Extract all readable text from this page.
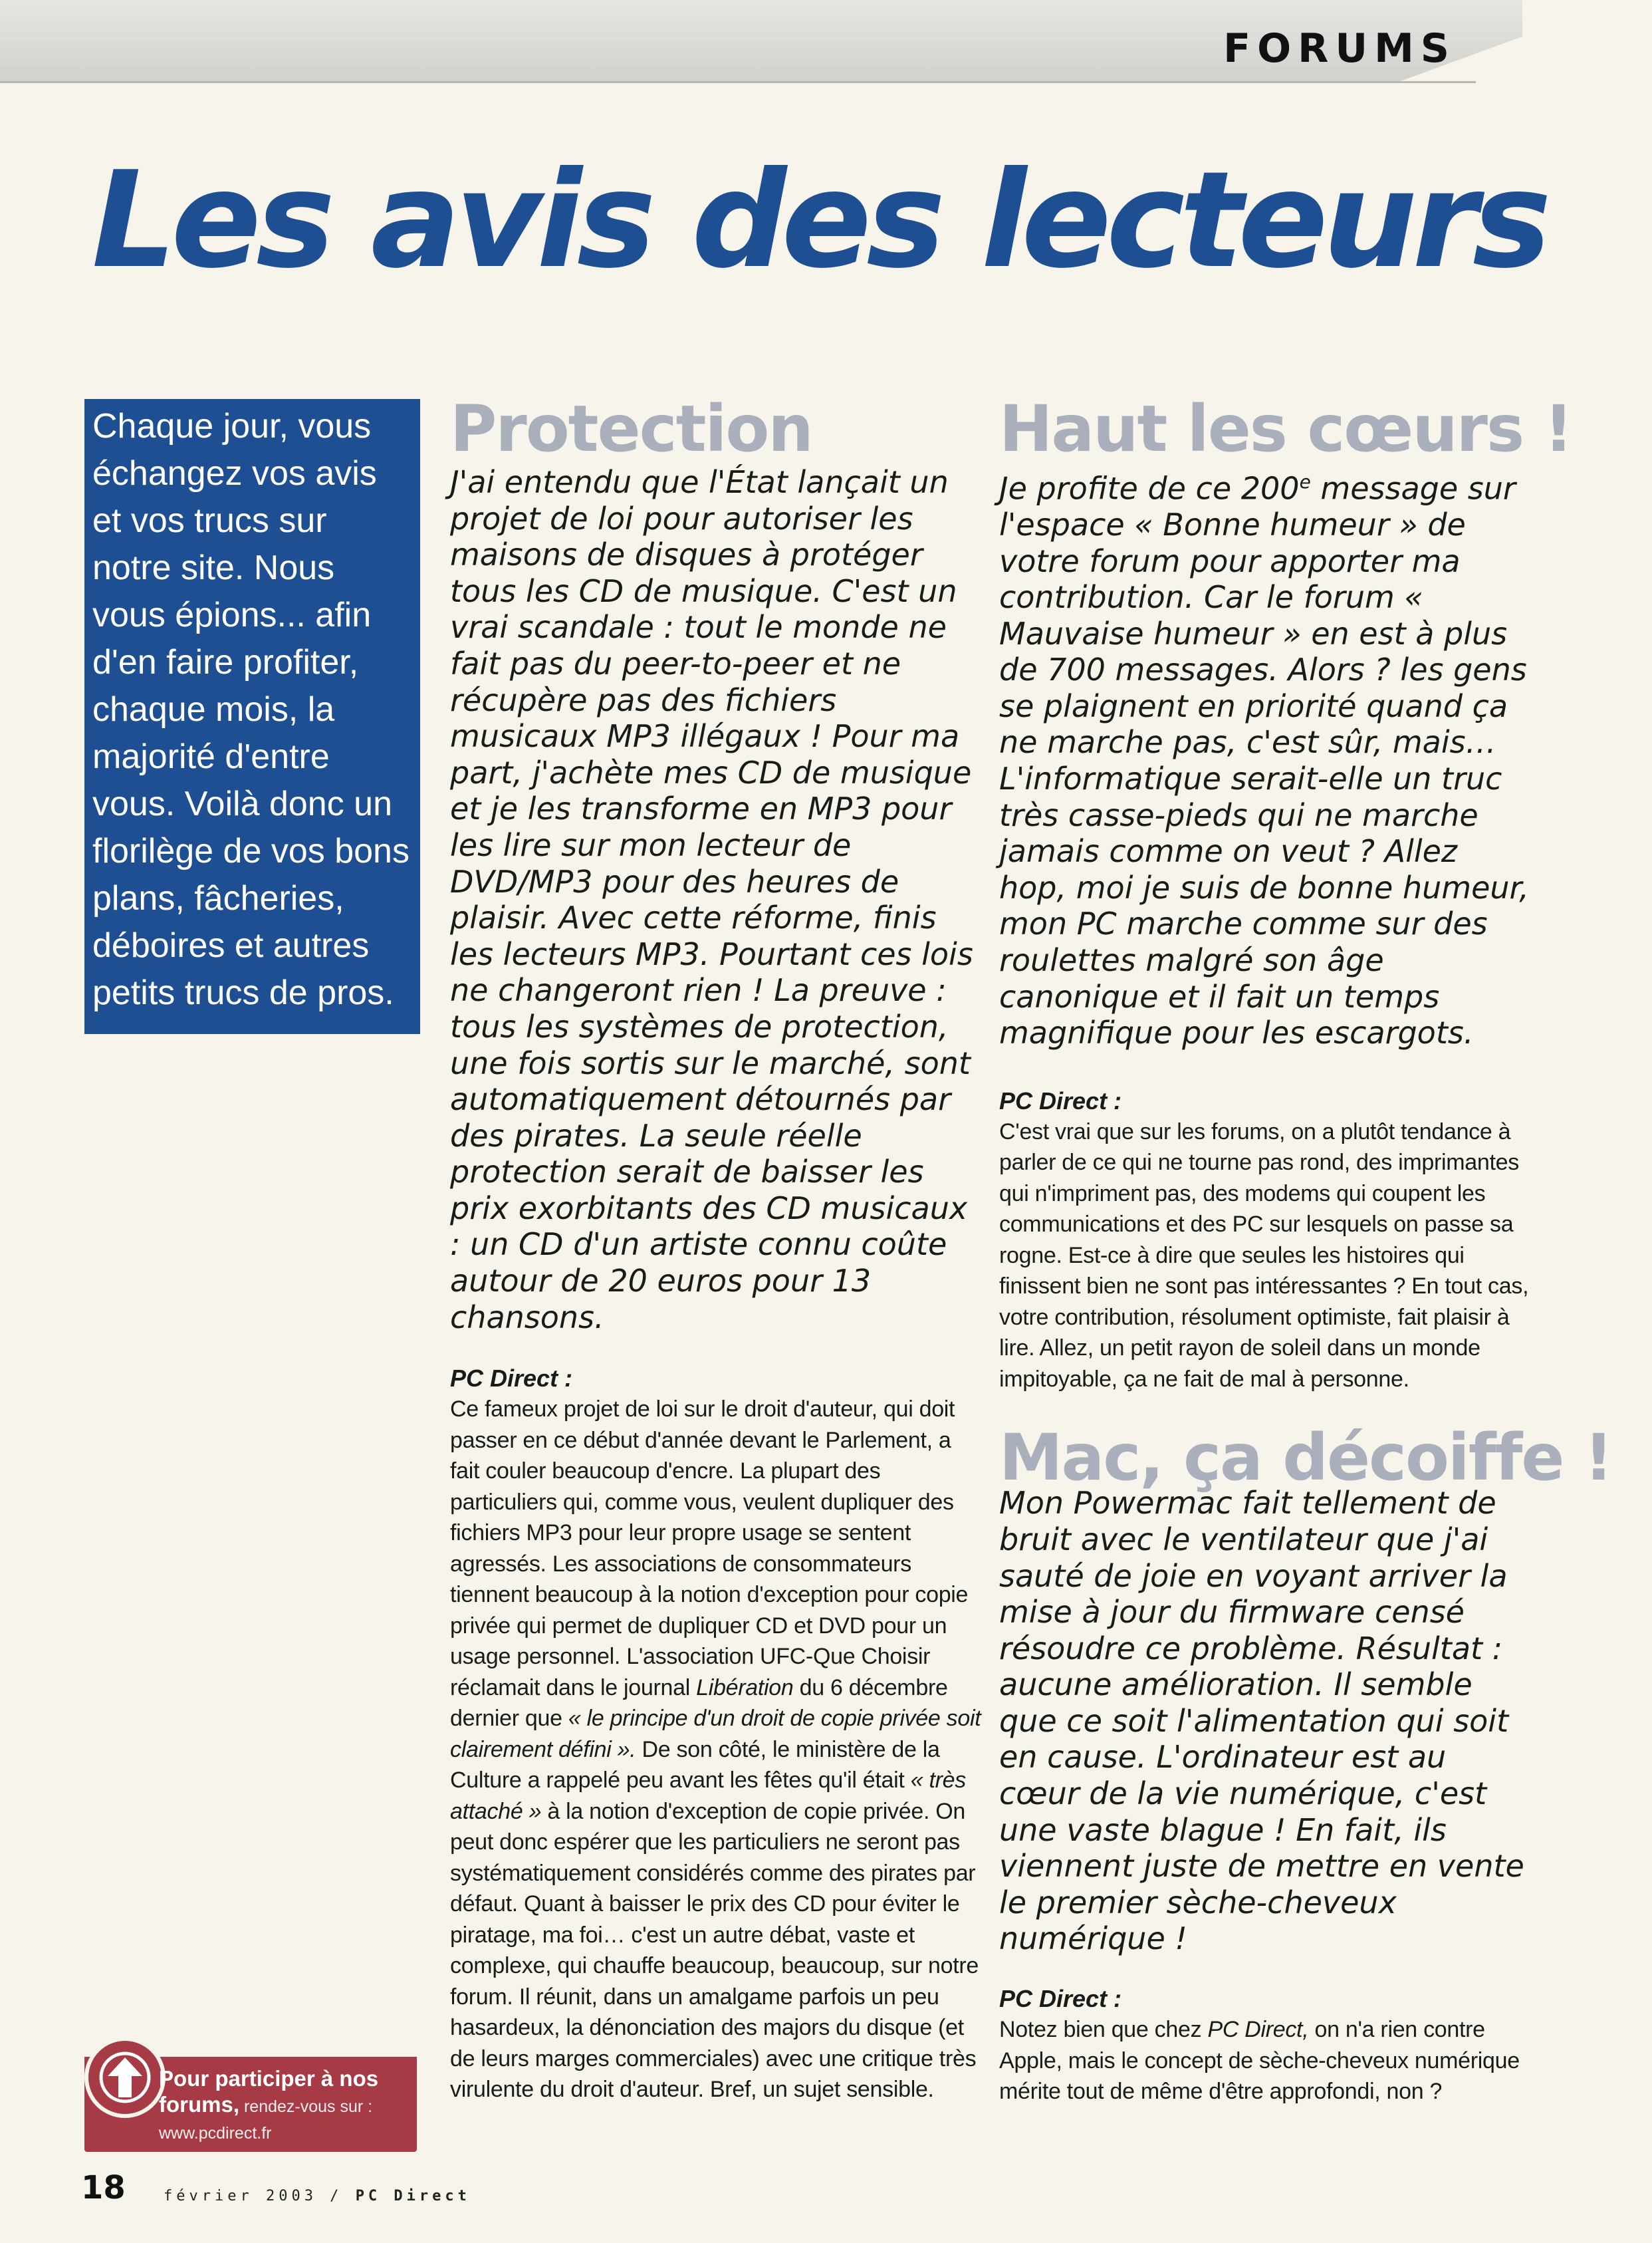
FORUMS
Les avis des lecteurs

Chaque jour, vous échangez vos avis et vos trucs sur notre site. Nous vous épions... afin d'en faire profiter, chaque mois, la majorité d'entre vous. Voilà donc un florilège de vos bons plans, fâcheries, déboires et autres petits trucs de pros.

Protection

J'ai entendu que l'État lançait un projet de loi pour autoriser les maisons de disques à protéger tous les CD de musique. C'est un vrai scandale : tout le monde ne fait pas du peer-to-peer et ne récupère pas des fichiers musicaux MP3 illégaux ! Pour ma part, j'achète mes CD de musique et je les transforme en MP3 pour les lire sur mon lecteur de DVD/MP3 pour des heures de plaisir. Avec cette réforme, finis les lecteurs MP3. Pourtant ces lois ne changeront rien ! La preuve : tous les systèmes de protection, une fois sortis sur le marché, sont automatiquement détournés par des pirates. La seule réelle protection serait de baisser les prix exorbitants des CD musicaux : un CD d'un artiste connu coûte autour de 20 euros pour 13 chansons.

PC Direct :

Ce fameux projet de loi sur le droit d'auteur, qui doit passer en ce début d'année devant le Parlement, a fait couler beaucoup d'encre. La plupart des particuliers qui, comme vous, veulent dupliquer des fichiers MP3 pour leur propre usage se sentent agressés. Les associations de consommateurs tiennent beaucoup à la notion d'exception pour copie privée qui permet de dupliquer CD et DVD pour un usage personnel. L'association UFC-Que Choisir réclamait dans le journal Libération du 6 décembre dernier que « le principe d'un droit de copie privée soit clairement défini ». De son côté, le ministère de la Culture a rappelé peu avant les fêtes qu'il était « très attaché » à la notion d'exception de copie privée. On peut donc espérer que les particuliers ne seront pas systématiquement considérés comme des pirates par défaut. Quant à baisser le prix des CD pour éviter le piratage, ma foi… c'est un autre débat, vaste et complexe, qui chauffe beaucoup, beaucoup, sur notre forum. Il réunit, dans un amalgame parfois un peu hasardeux, la dénonciation des majors du disque (et de leurs marges commerciales) avec une critique très virulente du droit d'auteur. Bref, un sujet sensible.

Haut les cœurs !

Je profite de ce 200e message sur l'espace « Bonne humeur » de votre forum pour apporter ma contribution. Car le forum « Mauvaise humeur » en est à plus de 700 messages. Alors ? les gens se plaignent en priorité quand ça ne marche pas, c'est sûr, mais… L'informatique serait-elle un truc très casse-pieds qui ne marche jamais comme on veut ? Allez hop, moi je suis de bonne humeur, mon PC marche comme sur des roulettes malgré son âge canonique et il fait un temps magnifique pour les escargots.

PC Direct :

C'est vrai que sur les forums, on a plutôt tendance à parler de ce qui ne tourne pas rond, des imprimantes qui n'impriment pas, des modems qui coupent les communications et des PC sur lesquels on passe sa rogne. Est-ce à dire que seules les histoires qui finissent bien ne sont pas intéressantes ? En tout cas, votre contribution, résolument optimiste, fait plaisir à lire. Allez, un petit rayon de soleil dans un monde impitoyable, ça ne fait de mal à personne.

Mac, ça décoiffe !

Mon Powermac fait tellement de bruit avec le ventilateur que j'ai sauté de joie en voyant arriver la mise à jour du firmware censé résoudre ce problème. Résultat : aucune amélioration. Il semble que ce soit l'alimentation qui soit en cause. L'ordinateur est au cœur de la vie numérique, c'est une vaste blague ! En fait, ils viennent juste de mettre en vente le premier sèche-cheveux numérique !

PC Direct :

Notez bien que chez PC Direct, on n'a rien contre Apple, mais le concept de sèche-cheveux numérique mérite tout de même d'être approfondi, non ?

Pour participer à nos forums, rendez-vous sur :
www.pcdirect.fr
18	février 2003 / PC Direct
